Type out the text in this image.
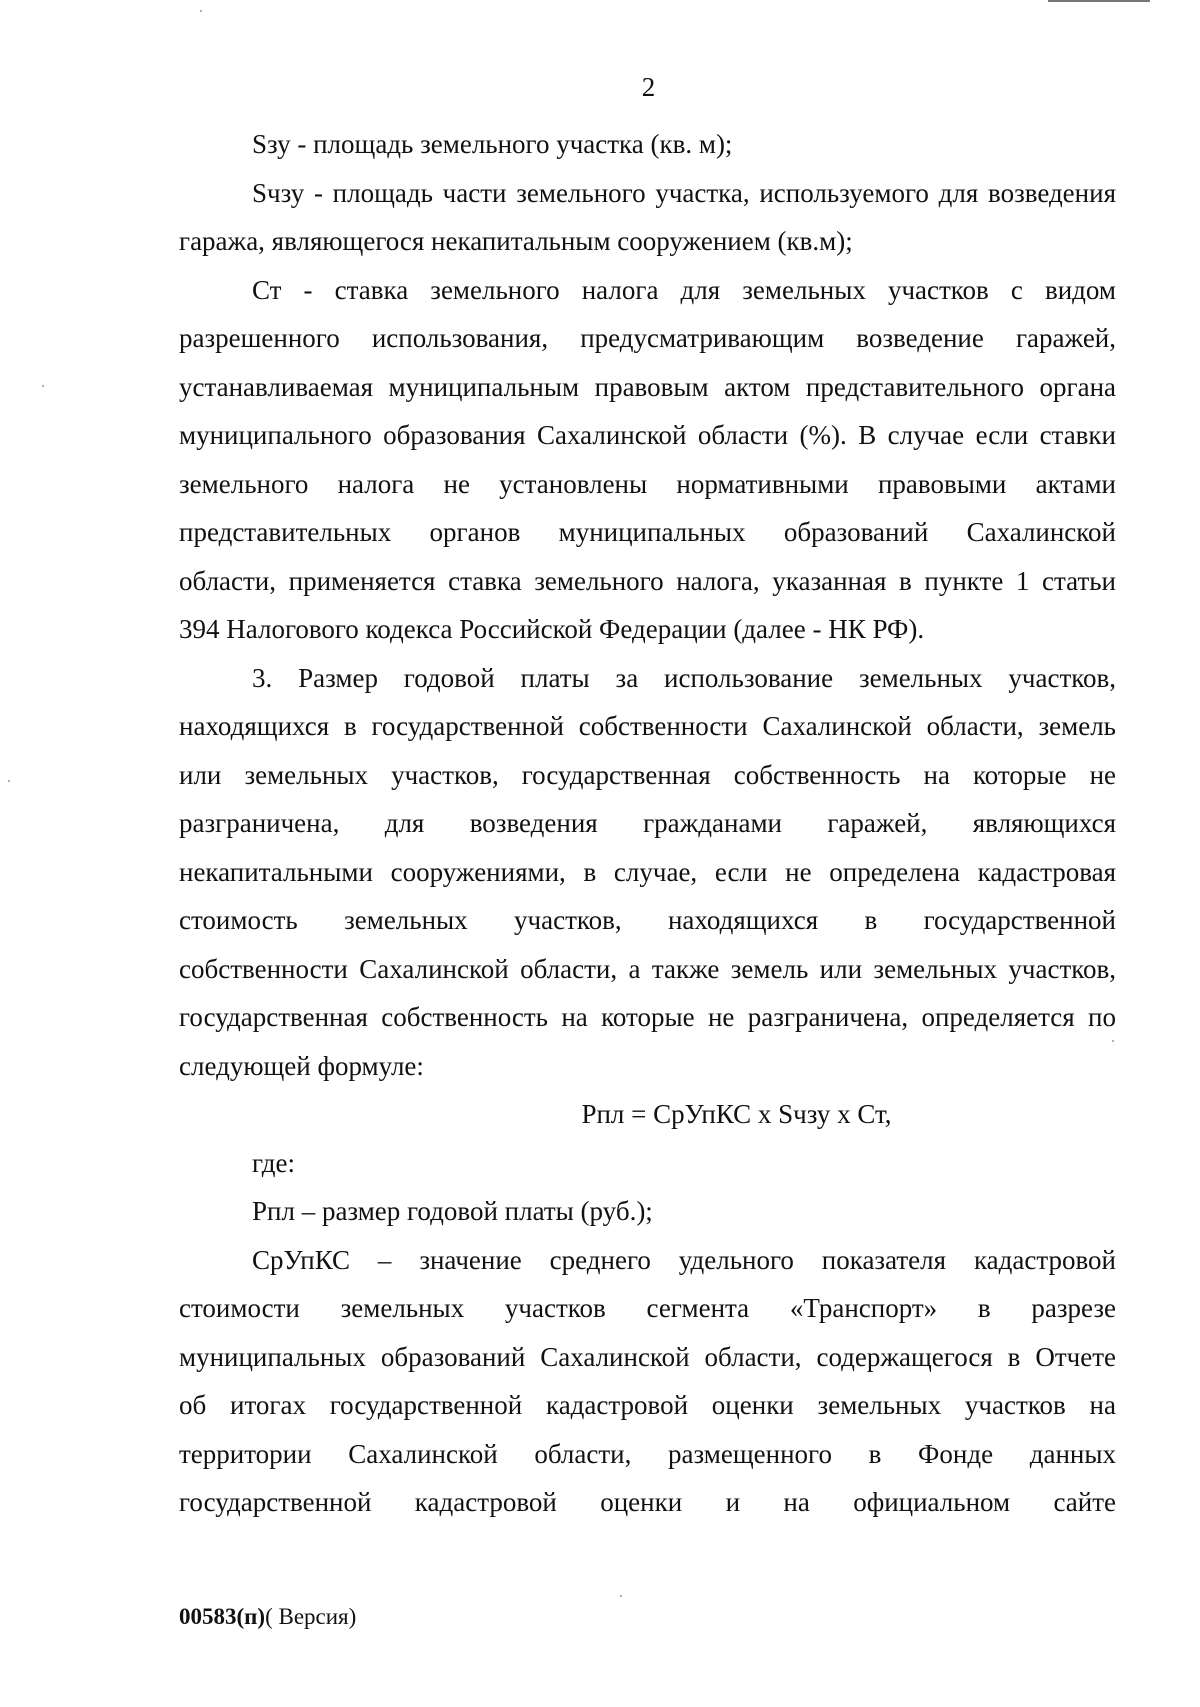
2
Sзу - площадь земельного участка (кв. м);
Sчзу - площадь части земельного участка, используемого для возведения
гаража, являющегося некапитальным сооружением (кв.м);
Ст - ставка земельного налога для земельных участков с видом
разрешенного использования, предусматривающим возведение гаражей,
устанавливаемая муниципальным правовым актом представительного органа
муниципального образования Сахалинской области (%). В случае если ставки
земельного налога не установлены нормативными правовыми актами
представительных органов муниципальных образований Сахалинской
области, применяется ставка земельного налога, указанная в пункте 1 статьи
394 Налогового кодекса Российской Федерации (далее - НК РФ).
3. Размер годовой платы за использование земельных участков,
находящихся в государственной собственности Сахалинской области, земель
или земельных участков, государственная собственность на которые не
разграничена, для возведения гражданами гаражей, являющихся
некапитальными сооружениями, в случае, если не определена кадастровая
стоимость земельных участков, находящихся в государственной
собственности Сахалинской области, а также земель или земельных участков,
государственная собственность на которые не разграничена, определяется по
следующей формуле:
Рпл = СрУпКС х Sчзу х Ст,
где:
Рпл – размер годовой платы (руб.);
СрУпКС – значение среднего удельного показателя кадастровой
стоимости земельных участков сегмента «Транспорт» в разрезе
муниципальных образований Сахалинской области, содержащегося в Отчете
об итогах государственной кадастровой оценки земельных участков на
территории Сахалинской области, размещенного в Фонде данных
государственной кадастровой оценки и на официальном сайте
00583(п)( Версия)
